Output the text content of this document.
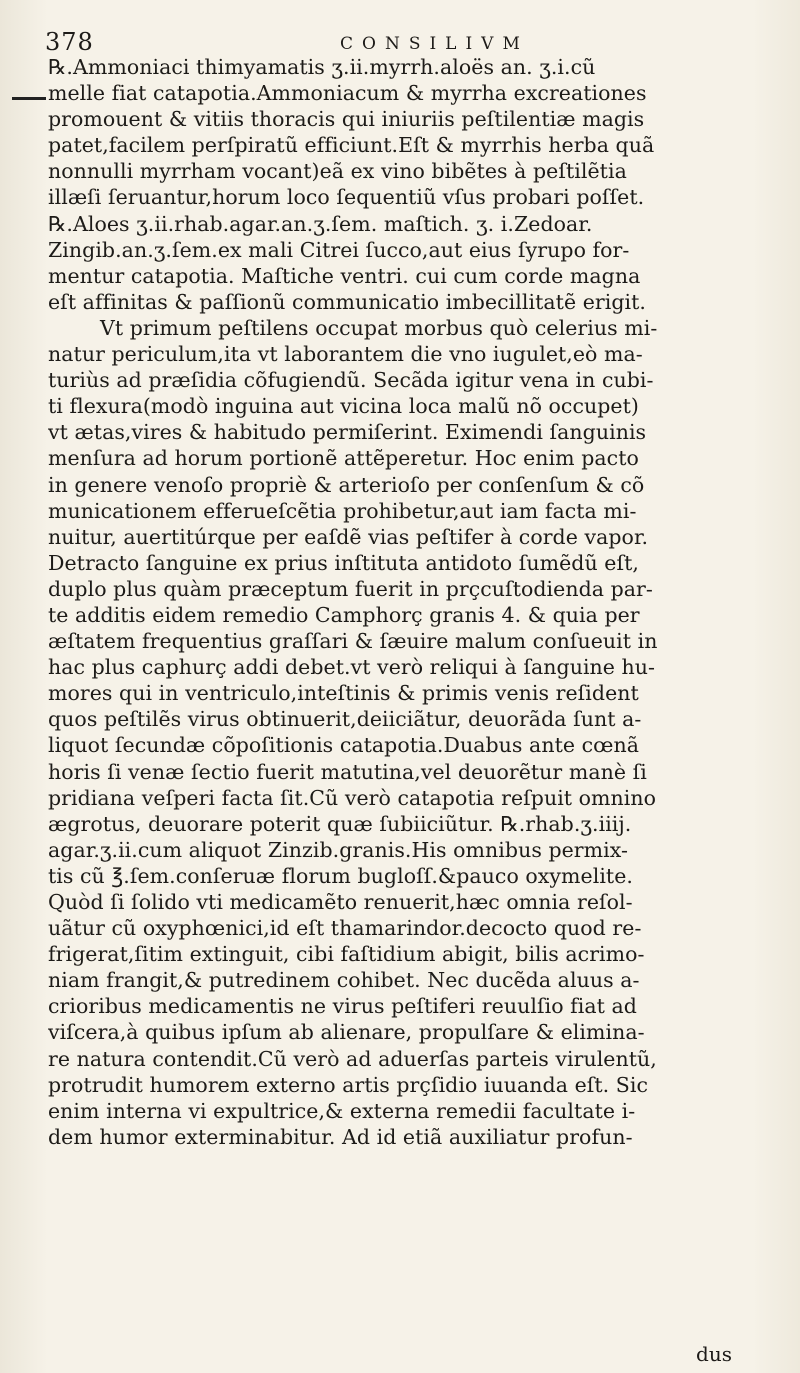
378	CONSILIVM
℞.Ammoniaci thimyamatis ʒ.ii.myrrh.aloës an. ʒ.i.cũ
melle fiat catapotia.Ammoniacum & myrrha excreationes
promouent & vitiis thoracis qui iniuriis peſtilentiæ magis
patet,facilem perſpiratũ efficiunt.Eſt & myrrhis herba quã
nonnulli myrrham vocant)eã ex vino bibẽtes à peſtilẽtia
illæſi ſeruantur,horum loco ſequentiũ vſus probari poſſet.
℞.Aloes ʒ.ii.rhab.agar.an.ʒ.ſem. maſtich. ʒ. i.Zedoar.
Zingib.an.ʒ.ſem.ex mali Citrei ſucco,aut eius ſyrupo for-
mentur catapotia. Maſtiche ventri. cui cum corde magna
eſt affinitas & paſſionũ communicatio imbecillitatẽ erigit.
Vt primum peſtilens occupat morbus quò celerius mi-
natur periculum,ita vt laborantem die vno iugulet,eò ma-
turiùs ad præſidia cõfugiendũ. Secãda igitur vena in cubi-
ti flexura(modò inguina aut vicina loca malũ nõ occupet)
vt ætas,vires & habitudo permiſerint. Eximendi ſanguinis
menſura ad horum portionẽ attẽperetur. Hoc enim pacto
in genere venoſo propriè & arterioſo per conſenſum & cõ
municationem efferueſcẽtia prohibetur,aut iam facta mi-
nuitur, auertitúrque per eaſdẽ vias peſtifer à corde vapor.
Detracto ſanguine ex prius inſtituta antidoto ſumẽdũ eſt,
duplo plus quàm præceptum fuerit in prçcuſtodienda par-
te additis eidem remedio Camphorç granis 4. & quia per
æſtatem frequentius graſſari & ſæuire malum conſueuit in
hac plus caphurç addi debet.vt verò reliqui à ſanguine hu-
mores qui in ventriculo,inteſtinis & primis venis reſident
quos peſtilẽs virus obtinuerit,deiiciãtur, deuorãda ſunt a-
liquot ſecundæ cõpoſitionis catapotia.Duabus ante cœnã
horis ſi venæ ſectio fuerit matutina,vel deuorẽtur manè ſi
pridiana veſperi facta ſit.Cũ verò catapotia reſpuit omnino
ægrotus, deuorare poterit quæ ſubiiciũtur. ℞.rhab.ʒ.iiij.
agar.ʒ.ii.cum aliquot Zinzib.granis.His omnibus permix-
tis cũ ℥.ſem.conſeruæ florum bugloſſ.&pauco oxymelite.
Quòd ſi ſolido vti medicamẽto renuerit,hæc omnia reſol-
uãtur cũ oxyphœnici,id eſt thamarindor.decocto quod re-
frigerat,ſitim extinguit, cibi faſtidium abigit, bilis acrimo-
niam frangit,& putredinem cohibet. Nec ducẽda aluus a-
crioribus medicamentis ne virus peſtiferi reuulſio fiat ad
viſcera,à quibus ipſum ab alienare, propulſare & elimina-
re natura contendit.Cũ verò ad aduerſas parteis virulentũ,
protrudit humorem externo artis prçſidio iuuanda eſt. Sic
enim interna vi expultrice,& externa remedii facultate i-
dem humor exterminabitur. Ad id etiã auxiliatur profun-
dus
